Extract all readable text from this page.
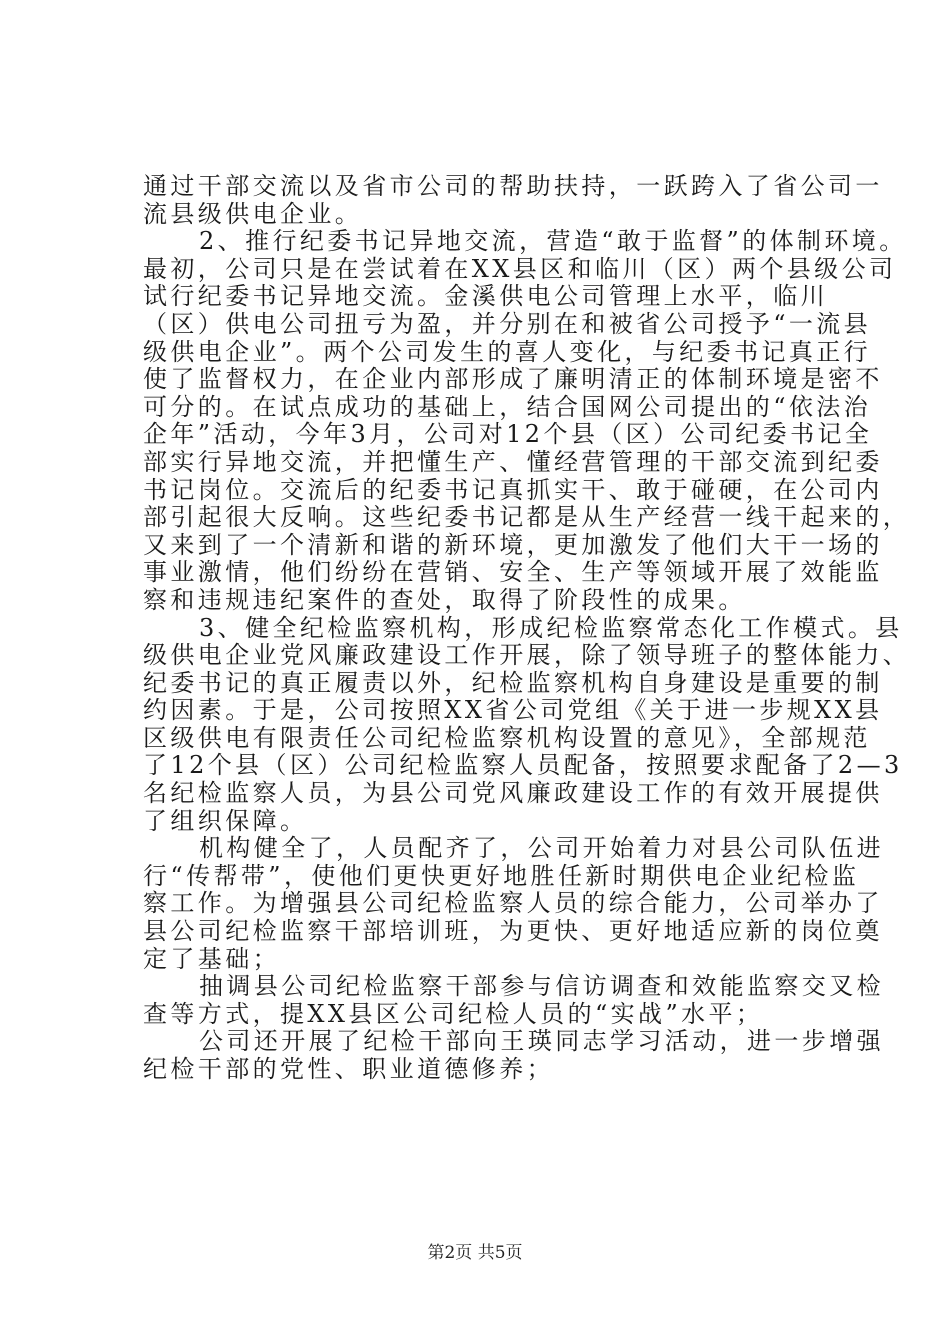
通过干部交流以及省市公司的帮助扶持，一跃跨入了省公司一
流县级供电企业。
2、推行纪委书记异地交流，营造“敢于监督”的体制环境。
最初，公司只是在尝试着在XX县区和临川（区）两个县级公司
试行纪委书记异地交流。金溪供电公司管理上水平，临川
（区）供电公司扭亏为盈，并分别在和被省公司授予“一流县
级供电企业”。两个公司发生的喜人变化，与纪委书记真正行
使了监督权力，在企业内部形成了廉明清正的体制环境是密不
可分的。在试点成功的基础上，结合国网公司提出的“依法治
企年”活动，今年3月，公司对12个县（区）公司纪委书记全
部实行异地交流，并把懂生产、懂经营管理的干部交流到纪委
书记岗位。交流后的纪委书记真抓实干、敢于碰硬，在公司内
部引起很大反响。这些纪委书记都是从生产经营一线干起来的，
又来到了一个清新和谐的新环境，更加激发了他们大干一场的
事业激情，他们纷纷在营销、安全、生产等领域开展了效能监
察和违规违纪案件的查处，取得了阶段性的成果。
3、健全纪检监察机构，形成纪检监察常态化工作模式。县
级供电企业党风廉政建设工作开展，除了领导班子的整体能力、
纪委书记的真正履责以外，纪检监察机构自身建设是重要的制
约因素。于是，公司按照XX省公司党组《关于进一步规XX县
区级供电有限责任公司纪检监察机构设置的意见》，全部规范
了12个县（区）公司纪检监察人员配备，按照要求配备了2—3
名纪检监察人员，为县公司党风廉政建设工作的有效开展提供
了组织保障。
机构健全了，人员配齐了，公司开始着力对县公司队伍进
行“传帮带”，使他们更快更好地胜任新时期供电企业纪检监
察工作。为增强县公司纪检监察人员的综合能力，公司举办了
县公司纪检监察干部培训班，为更快、更好地适应新的岗位奠
定了基础；
抽调县公司纪检监察干部参与信访调查和效能监察交叉检
查等方式，提XX县区公司纪检人员的“实战”水平；
公司还开展了纪检干部向王瑛同志学习活动，进一步增强
纪检干部的党性、职业道德修养；
第2页 共5页
